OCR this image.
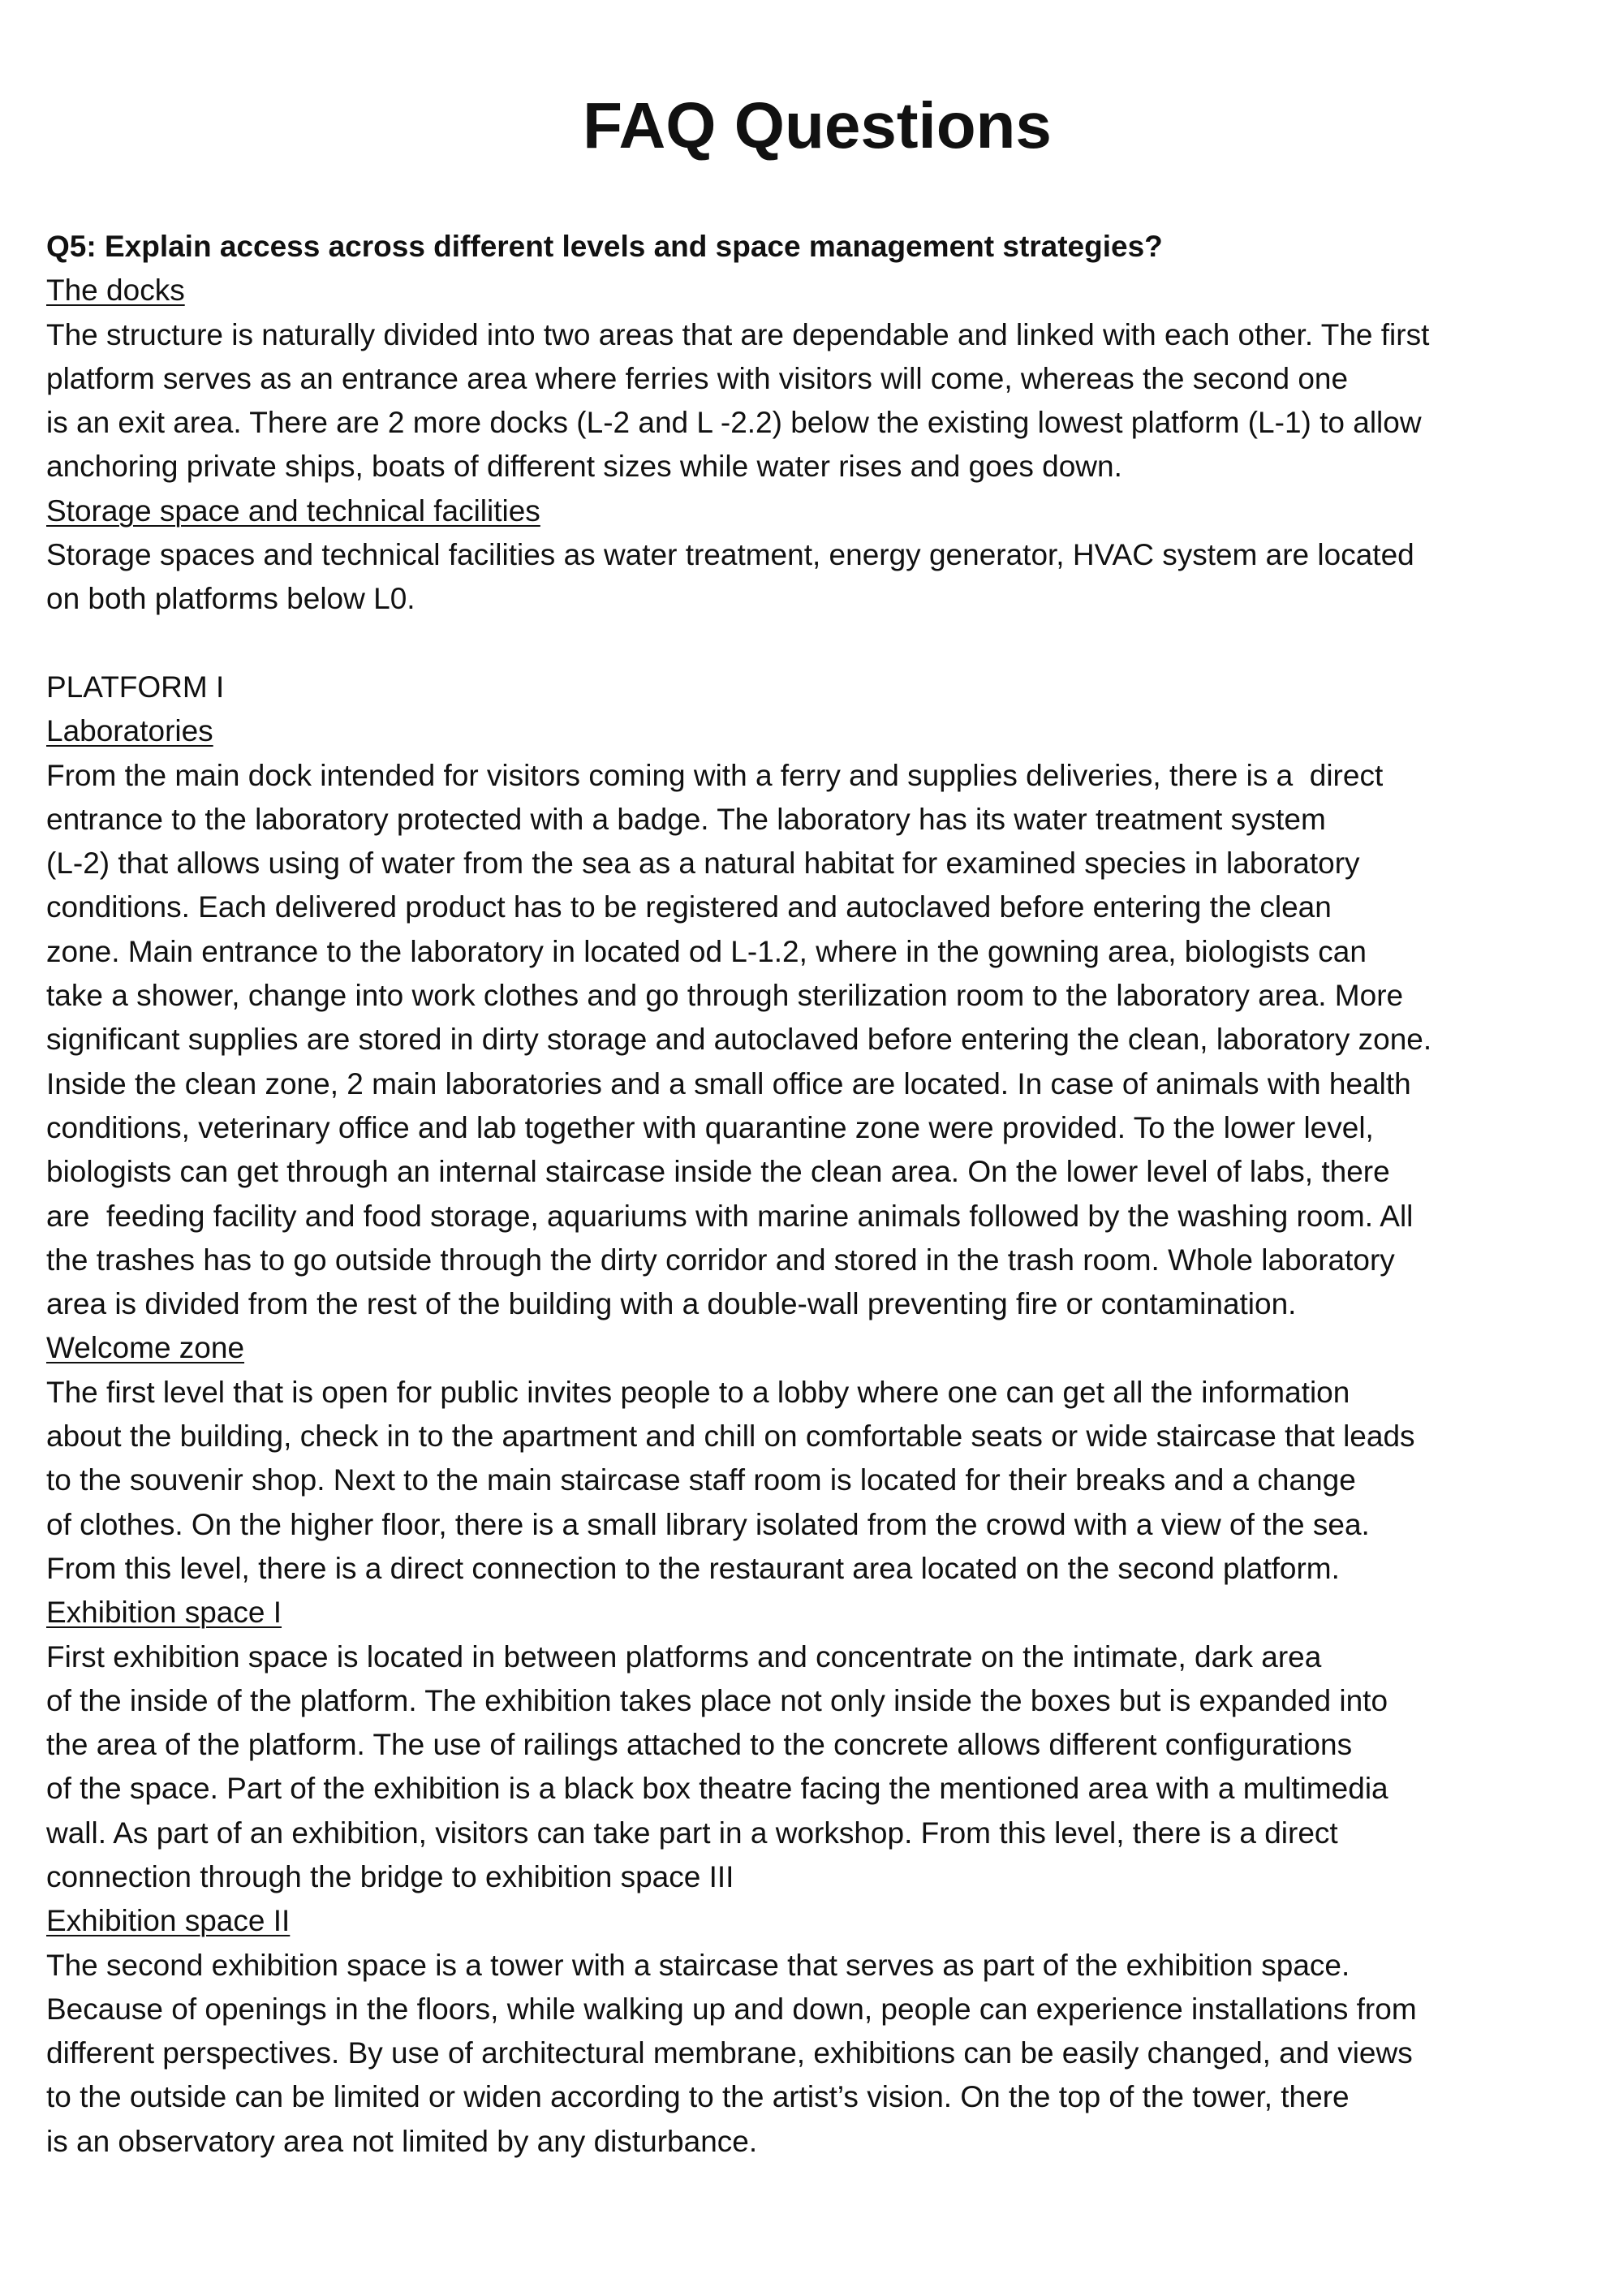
FAQ Questions
Q5: Explain access across different levels and space management strategies?
The docks
The structure is naturally divided into two areas that are dependable and linked with each other. The first
platform serves as an entrance area where ferries with visitors will come, whereas the second one
is an exit area. There are 2 more docks (L-2 and L -2.2) below the existing lowest platform (L-1) to allow
anchoring private ships, boats of different sizes while water rises and goes down.
Storage space and technical facilities
Storage spaces and technical facilities as water treatment, energy generator, HVAC system are located
on both platforms below L0.
PLATFORM I
Laboratories
From the main dock intended for visitors coming with a ferry and supplies deliveries, there is a  direct
entrance to the laboratory protected with a badge. The laboratory has its water treatment system
(L-2) that allows using of water from the sea as a natural habitat for examined species in laboratory
conditions. Each delivered product has to be registered and autoclaved before entering the clean
zone. Main entrance to the laboratory in located od L-1.2, where in the gowning area, biologists can
take a shower, change into work clothes and go through sterilization room to the laboratory area. More
significant supplies are stored in dirty storage and autoclaved before entering the clean, laboratory zone.
Inside the clean zone, 2 main laboratories and a small office are located. In case of animals with health
conditions, veterinary office and lab together with quarantine zone were provided. To the lower level,
biologists can get through an internal staircase inside the clean area. On the lower level of labs, there
are  feeding facility and food storage, aquariums with marine animals followed by the washing room. All
the trashes has to go outside through the dirty corridor and stored in the trash room. Whole laboratory
area is divided from the rest of the building with a double-wall preventing fire or contamination.
Welcome zone
The first level that is open for public invites people to a lobby where one can get all the information
about the building, check in to the apartment and chill on comfortable seats or wide staircase that leads
to the souvenir shop. Next to the main staircase staff room is located for their breaks and a change
of clothes. On the higher floor, there is a small library isolated from the crowd with a view of the sea.
From this level, there is a direct connection to the restaurant area located on the second platform.
Exhibition space I
First exhibition space is located in between platforms and concentrate on the intimate, dark area
of the inside of the platform. The exhibition takes place not only inside the boxes but is expanded into
the area of the platform. The use of railings attached to the concrete allows different configurations
of the space. Part of the exhibition is a black box theatre facing the mentioned area with a multimedia
wall. As part of an exhibition, visitors can take part in a workshop. From this level, there is a direct
connection through the bridge to exhibition space III
Exhibition space II
The second exhibition space is a tower with a staircase that serves as part of the exhibition space.
Because of openings in the floors, while walking up and down, people can experience installations from
different perspectives. By use of architectural membrane, exhibitions can be easily changed, and views
to the outside can be limited or widen according to the artist’s vision. On the top of the tower, there
is an observatory area not limited by any disturbance.
